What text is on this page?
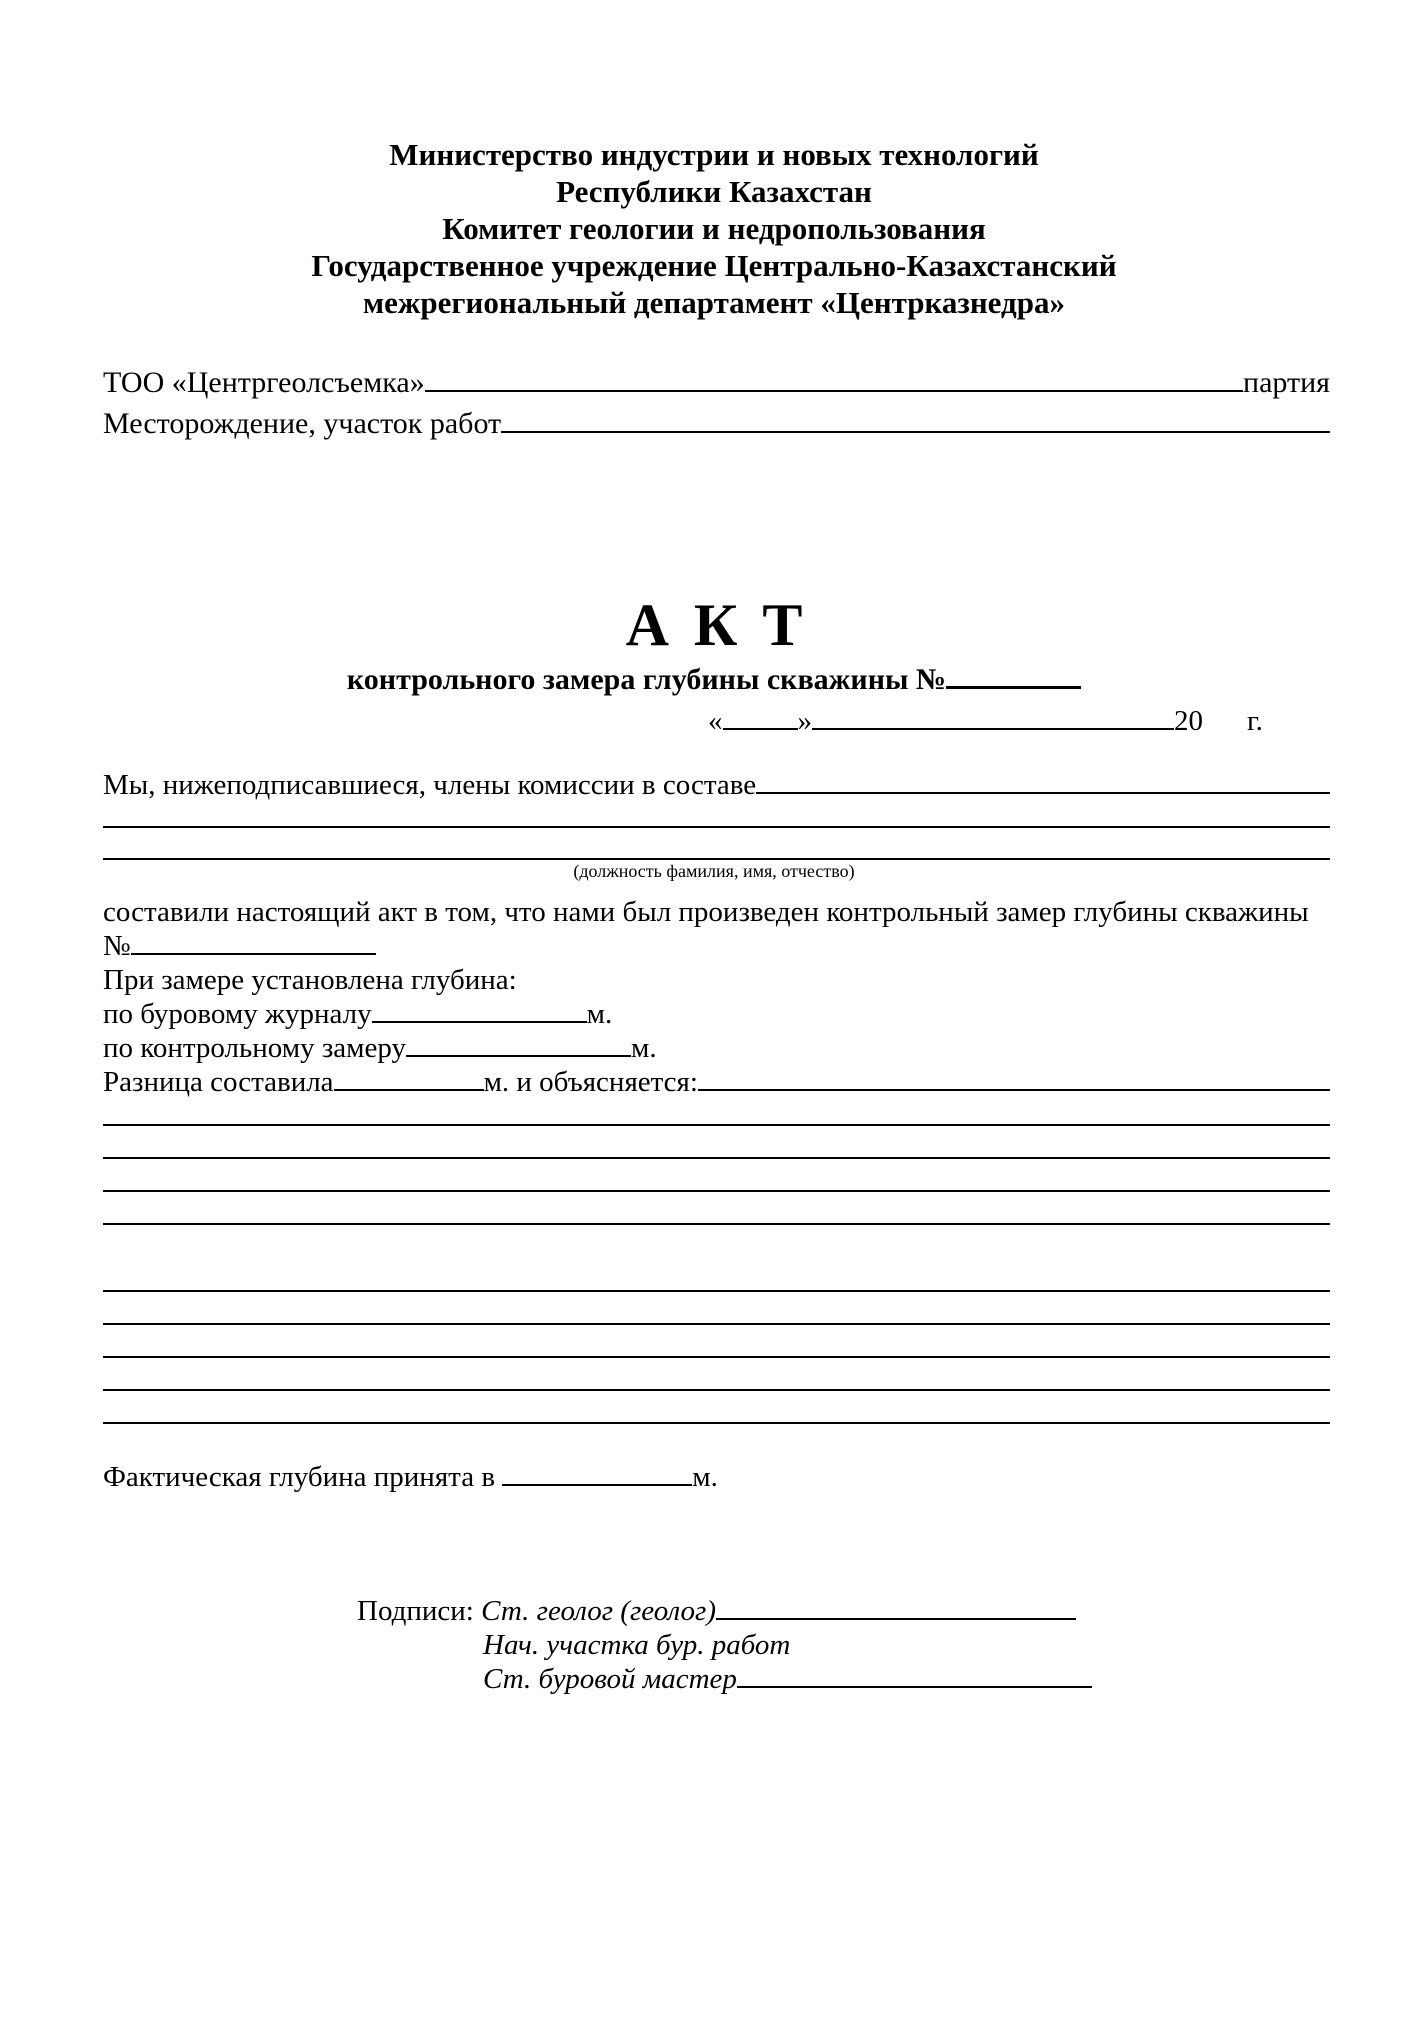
Министерство индустрии и новых технологий
Республики Казахстан
Комитет геологии и недропользования
Государственное учреждение Центрально-Казахстанский
межрегиональный департамент «Центрказнедра»
ТОО «Центргеолсъемка»	партия
Месторождение, участок работ
А К Т
контрольного замера глубины скважины №
«	»	20 г.
Мы, нижеподписавшиеся, члены комиссии в составе
(должность фамилия, имя, отчество)
составили настоящий акт в том, что нами был произведен контрольный замер глубины скважины
№
При замере установлена глубина:
по буровому журналу	м.
по контрольному замеру	м.
Разница составила	м. и объясняется:
Фактическая глубина принята в	м.
Подписи: Ст. геолог (геолог)
Нач. участка бур. работ
Ст. буровой мастер
